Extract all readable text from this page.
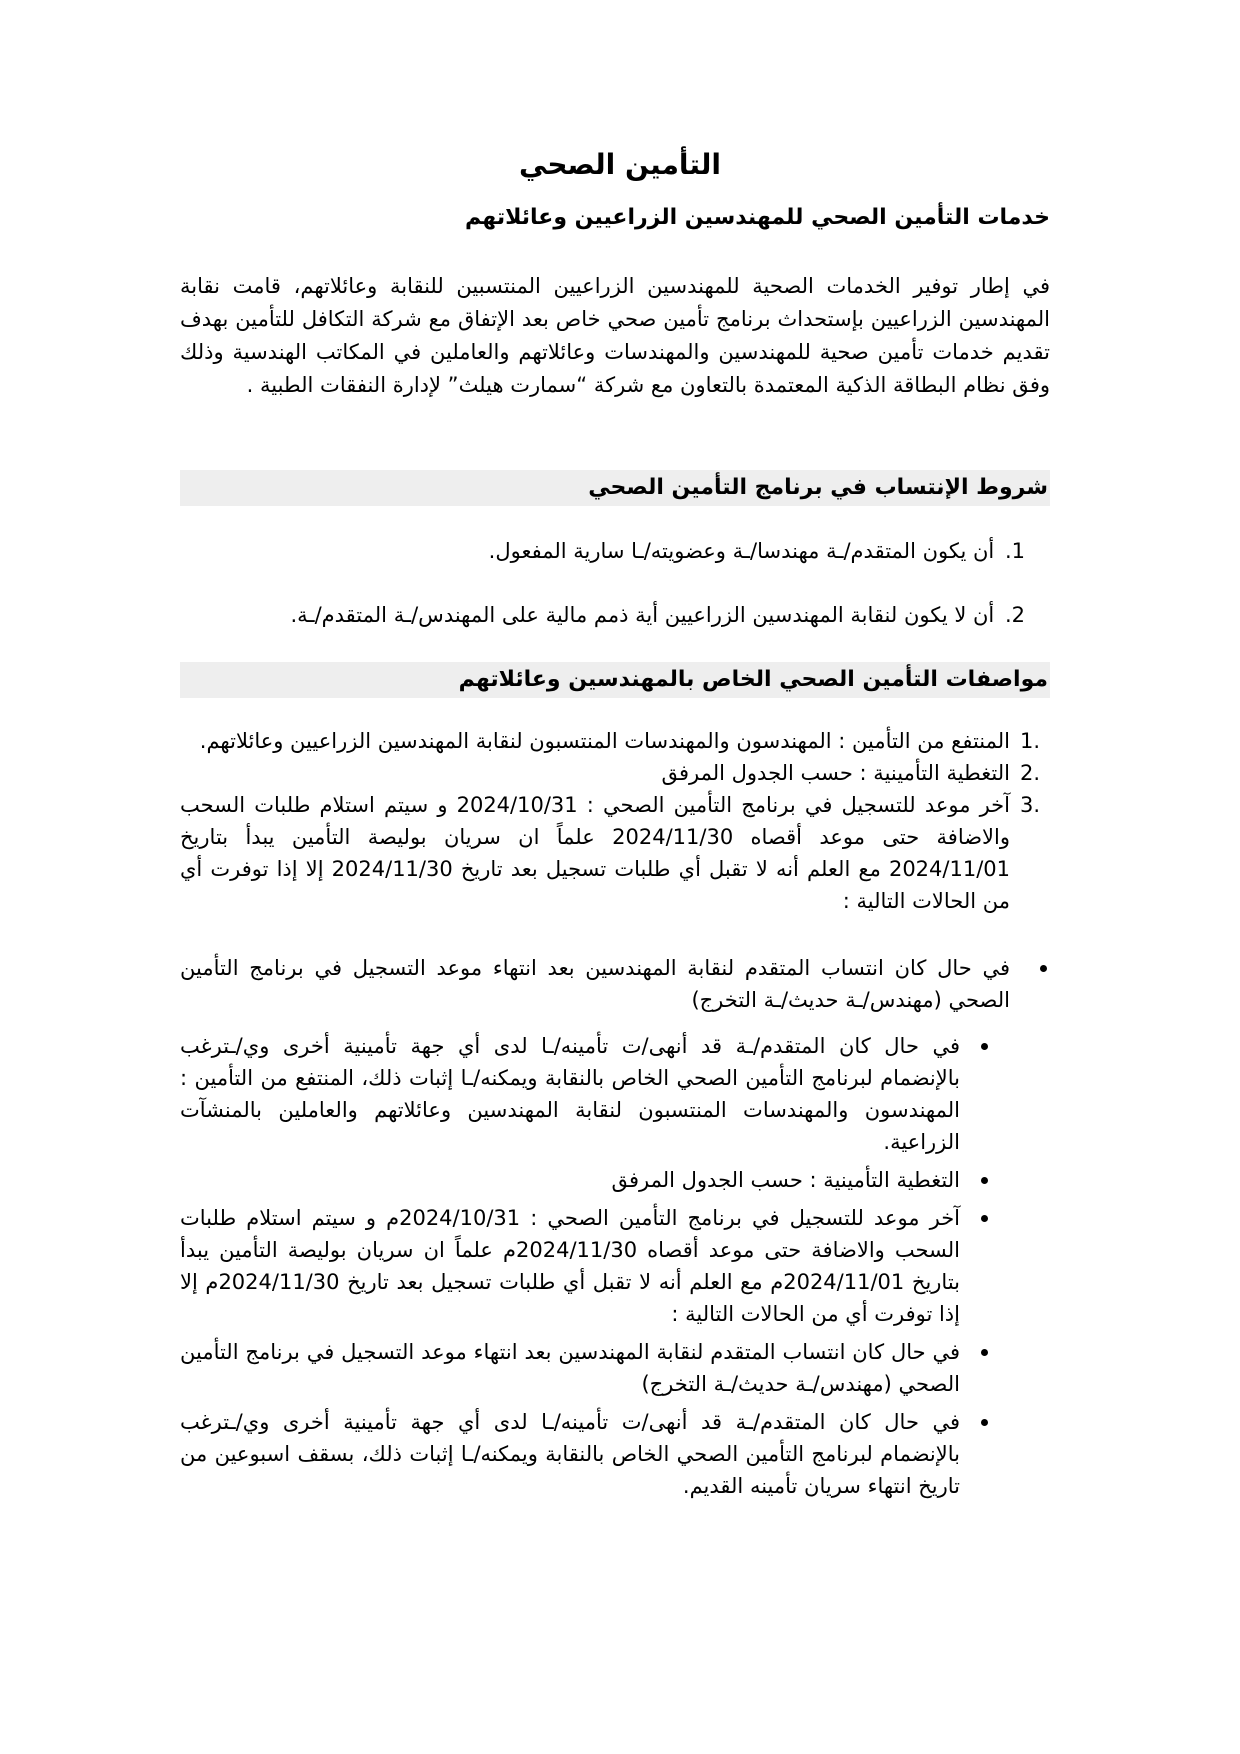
التأمين الصحي
خدمات التأمين الصحي للمهندسين الزراعيين وعائلاتهم
في إطار توفير الخدمات الصحية للمهندسين الزراعيين المنتسبين للنقابة وعائلاتهم، قامت نقابة المهندسين الزراعيين بإستحداث برنامج تأمين صحي خاص بعد الإتفاق مع شركة التكافل للتأمين بهدف تقديم خدمات تأمين صحية للمهندسين والمهندسات وعائلاتهم والعاملين في المكاتب الهندسية وذلك وفق نظام البطاقة الذكية المعتمدة بالتعاون مع شركة “سمارت هيلث” لإدارة النفقات الطبية .
شروط الإنتساب في برنامج التأمين الصحي
1. أن يكون المتقدم/ـة مهندسا/ـة وعضويته/ـا سارية المفعول.
2. أن لا يكون لنقابة المهندسين الزراعيين أية ذمم مالية على المهندس/ـة المتقدم/ـة.
مواصفات التأمين الصحي الخاص بالمهندسين وعائلاتهم
1.
المنتفع من التأمين : المهندسون والمهندسات المنتسبون لنقابة المهندسين الزراعيين وعائلاتهم.
2.
التغطية التأمينية : حسب الجدول المرفق
3.
آخر موعد للتسجيل في برنامج التأمين الصحي : 2024/10/31 و سيتم استلام طلبات السحب والاضافة حتى موعد أقصاه 2024/11/30 علماً ان سريان بوليصة التأمين يبدأ بتاريخ 2024/11/01 مع العلم أنه لا تقبل أي طلبات تسجيل بعد تاريخ 2024/11/30 إلا إذا توفرت أي من الحالات التالية :
في حال كان انتساب المتقدم لنقابة المهندسين بعد انتهاء موعد التسجيل في برنامج التأمين الصحي (مهندس/ـة حديث/ـة التخرج)
في حال كان المتقدم/ـة قد أنهى/ت تأمينه/ـا لدى أي جهة تأمينية أخرى وي/ـترغب بالإنضمام لبرنامج التأمين الصحي الخاص بالنقابة ويمكنه/ـا إثبات ذلك، المنتفع من التأمين : المهندسون والمهندسات المنتسبون لنقابة المهندسين وعائلاتهم والعاملين بالمنشآت الزراعية.
التغطية التأمينية : حسب الجدول المرفق
آخر موعد للتسجيل في برنامج التأمين الصحي : 2024/10/31م و سيتم استلام طلبات السحب والاضافة حتى موعد أقصاه 2024/11/30م علماً ان سريان بوليصة التأمين يبدأ بتاريخ 2024/11/01م مع العلم أنه لا تقبل أي طلبات تسجيل بعد تاريخ 2024/11/30م إلا إذا توفرت أي من الحالات التالية :
في حال كان انتساب المتقدم لنقابة المهندسين بعد انتهاء موعد التسجيل في برنامج التأمين الصحي (مهندس/ـة حديث/ـة التخرج)
في حال كان المتقدم/ـة قد أنهى/ت تأمينه/ـا لدى أي جهة تأمينية أخرى وي/ـترغب بالإنضمام لبرنامج التأمين الصحي الخاص بالنقابة ويمكنه/ـا إثبات ذلك، بسقف اسبوعين من تاريخ انتهاء سريان تأمينه القديم.
